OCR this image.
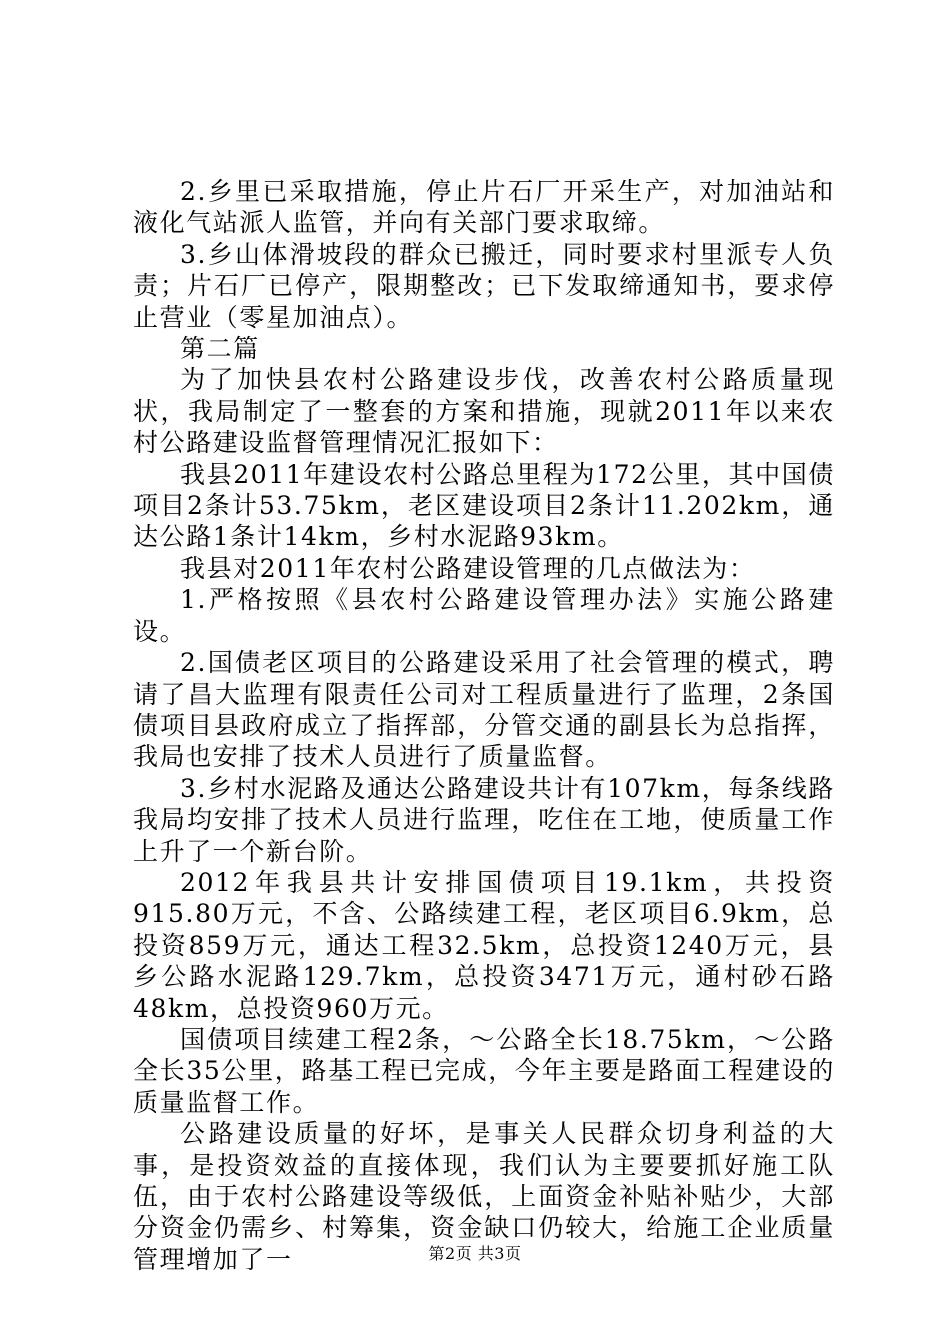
2.乡里已采取措施，停止片石厂开采生产，对加油站和液化气站派人监管，并向有关部门要求取缔。

3.乡山体滑坡段的群众已搬迁，同时要求村里派专人负责；片石厂已停产，限期整改；已下发取缔通知书，要求停止营业（零星加油点）。

第二篇

为了加快县农村公路建设步伐，改善农村公路质量现状，我局制定了一整套的方案和措施，现就2011年以来农村公路建设监督管理情况汇报如下：

我县2011年建设农村公路总里程为172公里，其中国债项目2条计53.75km，老区建设项目2条计11.202km，通达公路1条计14km，乡村水泥路93km。

我县对2011年农村公路建设管理的几点做法为：

1.严格按照《县农村公路建设管理办法》实施公路建设。

2.国债老区项目的公路建设采用了社会管理的模式，聘请了昌大监理有限责任公司对工程质量进行了监理，2条国债项目县政府成立了指挥部，分管交通的副县长为总指挥，我局也安排了技术人员进行了质量监督。

3.乡村水泥路及通达公路建设共计有107km，每条线路我局均安排了技术人员进行监理，吃住在工地，使质量工作上升了一个新台阶。

2012年我县共计安排国债项目19.1km，共投资915.80万元，不含、公路续建工程，老区项目6.9km，总投资859万元，通达工程32.5km，总投资1240万元，县乡公路水泥路129.7km，总投资3471万元，通村砂石路48km，总投资960万元。

国债项目续建工程2条，～公路全长18.75km，～公路全长35公里，路基工程已完成，今年主要是路面工程建设的质量监督工作。

公路建设质量的好坏，是事关人民群众切身利益的大事，是投资效益的直接体现，我们认为主要要抓好施工队伍，由于农村公路建设等级低，上面资金补贴补贴少，大部分资金仍需乡、村筹集，资金缺口仍较大，给施工企业质量管理增加了一	第2页 共3页
